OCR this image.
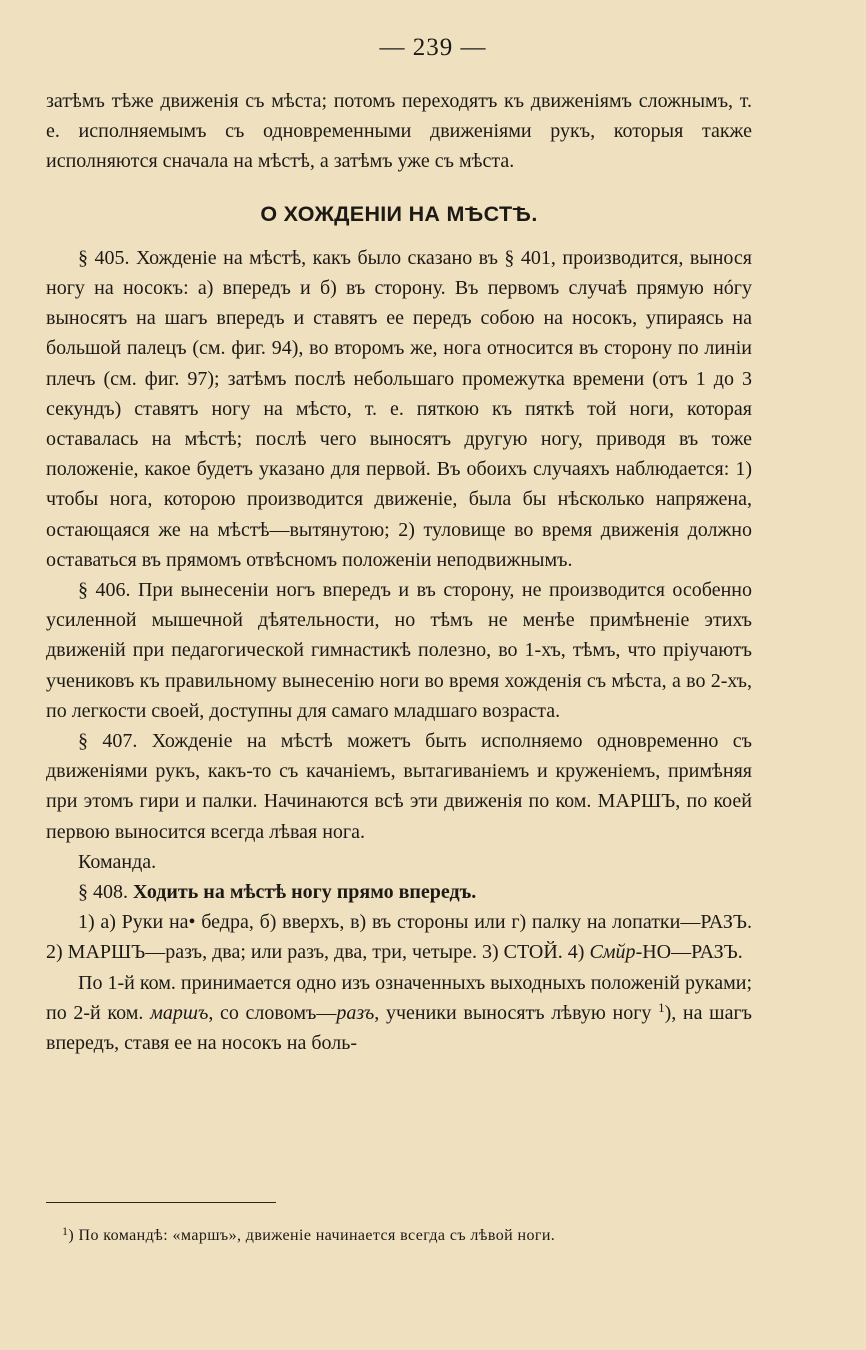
— 239 —

затѣмъ тѣже движенія съ мѣста; потомъ переходятъ къ движеніямъ сложнымъ, т. е. исполняемымъ съ одновременными движеніями рукъ, которыя также исполняются сначала на мѣстѣ, а затѣмъ уже съ мѣста.

О ХОЖДЕНІИ НА МѢСТѢ.

§ 405. Хожденіе на мѣстѣ, какъ было сказано въ § 401, производится, вынося ногу на носокъ: а) впередъ и б) въ сторону. Въ первомъ случаѣ прямую нóгу выносятъ на шагъ впередъ и ставятъ ее передъ собою на носокъ, упираясь на большой палецъ (см. фиг. 94), во второмъ же, нога относится въ сторону по линіи плечъ (см. фиг. 97); затѣмъ послѣ небольшаго промежутка времени (отъ 1 до 3 секундъ) ставятъ ногу на мѣсто, т. е. пяткою къ пяткѣ той ноги, которая оставалась на мѣстѣ; послѣ чего выносятъ другую ногу, приводя въ тоже положеніе, какое будетъ указано для первой. Въ обоихъ случаяхъ наблюдается: 1) чтобы нога, которою производится движеніе, была бы нѣсколько напряжена, остающаяся же на мѣстѣ—вытянутою; 2) туловище во время движенія должно оставаться въ прямомъ отвѣсномъ положеніи неподвижнымъ.

§ 406. При вынесеніи ногъ впередъ и въ сторону, не производится особенно усиленной мышечной дѣятельности, но тѣмъ не менѣе примѣненіе этихъ движеній при педагогической гимнастикѣ полезно, во 1-хъ, тѣмъ, что пріучаютъ учениковъ къ правильному вынесенію ноги во время хожденія съ мѣста, а во 2-хъ, по легкости своей, доступны для самаго младшаго возраста.

§ 407. Хожденіе на мѣстѣ можетъ быть исполняемо одновременно съ движеніями рукъ, какъ-то съ качаніемъ, вытагиваніемъ и круженіемъ, примѣняя при этомъ гири и палки. Начинаются всѣ эти движенія по ком. МАРШЪ, по коей первою выносится всегда лѣвая нога.

Команда.

§ 408. Ходить на мѣстѣ ногу прямо впередъ.

1) а) Руки на• бедра, б) вверхъ, в) въ стороны или г) палку на лопатки—РАЗЪ. 2) МАРШЪ—разъ, два; или разъ, два, три, четыре. 3) СТОЙ. 4) Смйр-НО—РАЗЪ.

По 1-й ком. принимается одно изъ означенныхъ выходныхъ положеній руками; по 2-й ком. маршъ, со словомъ—разъ, ученики выносятъ лѣвую ногу $^1$), на шагъ впередъ, ставя ее на носокъ на боль-

$^1$) По командѣ: «маршъ», движеніе начинается всегда съ лѣвой ноги.
